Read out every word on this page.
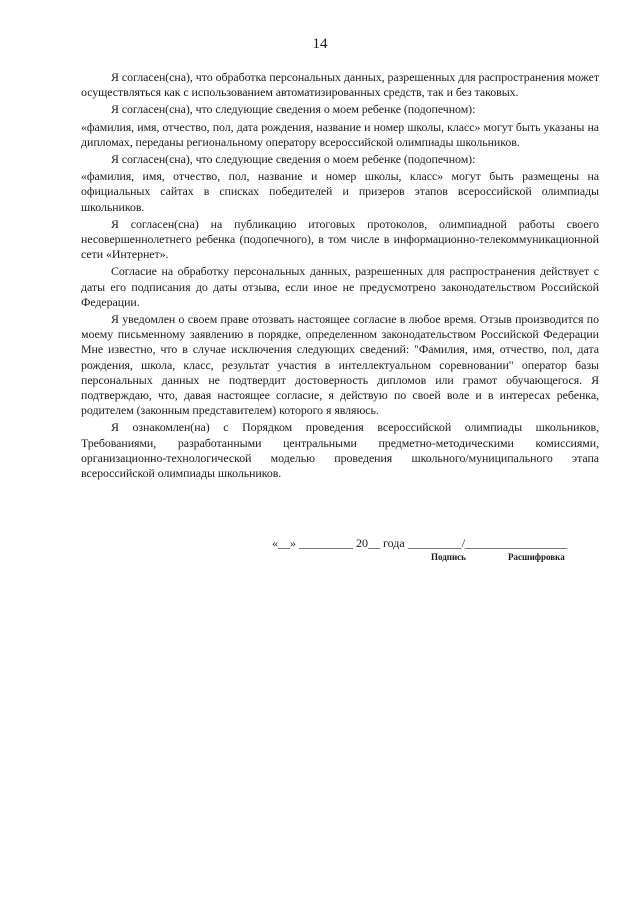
14

Я согласен(сна), что обработка персональных данных, разрешенных для распространения может осуществляться как с использованием автоматизированных средств, так и без таковых.

Я согласен(сна), что следующие сведения о моем ребенке (подопечном):

«фамилия, имя, отчество, пол, дата рождения, название и номер школы, класс» могут быть указаны на дипломах, переданы региональному оператору всероссийской олимпиады школьников.

Я согласен(сна), что следующие сведения о моем ребенке (подопечном):

«фамилия, имя, отчество, пол, название и номер школы, класс» могут быть размещены на официальных сайтах в списках победителей и призеров этапов всероссийской олимпиады школьников.

Я согласен(сна) на публикацию итоговых протоколов, олимпиадной работы своего несовершеннолетнего ребенка (подопечного), в том числе в информационно-телекоммуникационной сети «Интернет».

Согласие на обработку персональных данных, разрешенных для распространения действует с даты его подписания до даты отзыва, если иное не предусмотрено законодательством Российской Федерации.

Я уведомлен о своем праве отозвать настоящее согласие в любое время. Отзыв производится по моему письменному заявлению в порядке, определенном законодательством Российской Федерации Мне известно, что в случае исключения следующих сведений: "Фамилия, имя, отчество, пол, дата рождения, школа, класс, результат участия в интеллектуальном соревновании" оператор базы персональных данных не подтвердит достоверность дипломов или грамот обучающегося. Я подтверждаю, что, давая настоящее согласие, я действую по своей воле и в интересах ребенка, родителем (законным представителем) которого я являюсь.

Я ознакомлен(на) с Порядком проведения всероссийской олимпиады школьников, Требованиями, разработанными центральными предметно-методическими комиссиями, организационно-технологической моделью проведения школьного/муниципального этапа всероссийской олимпиады школьников.

«__» _________ 20__ года _________/_________________
Подпись	Расшифровка
